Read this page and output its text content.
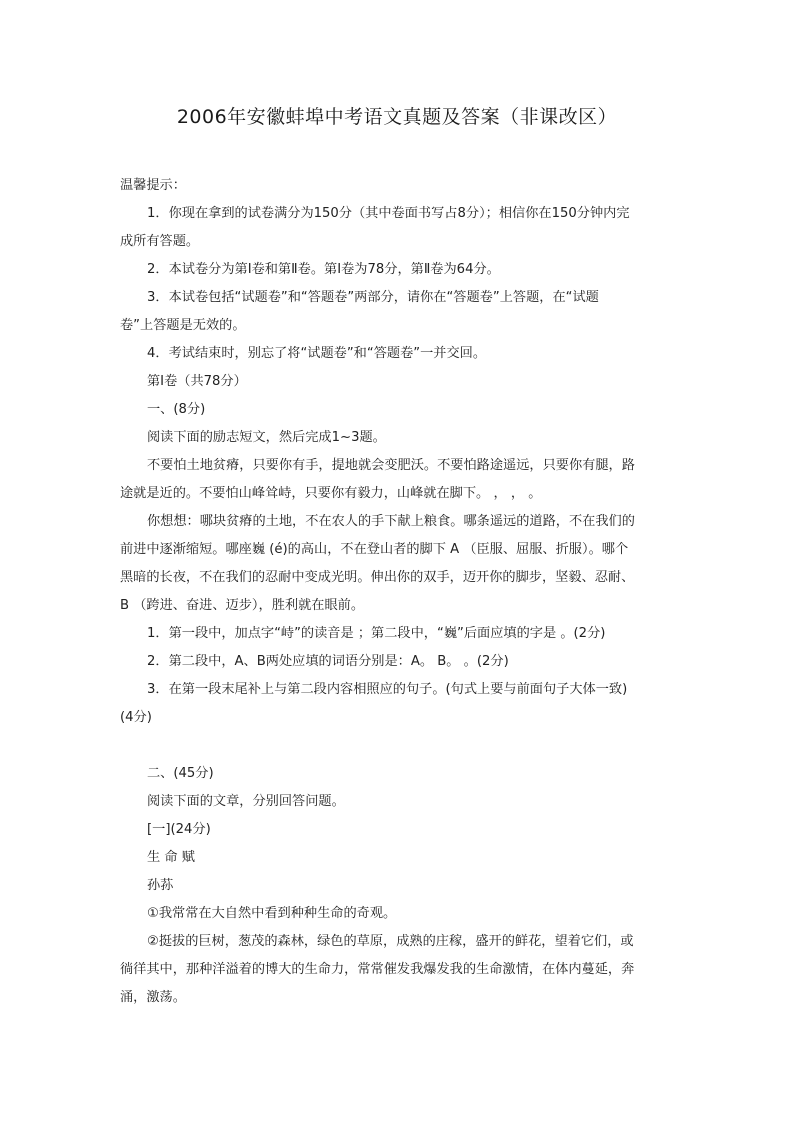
2006年安徽蚌埠中考语文真题及答案（非课改区）
温馨提示：
1．你现在拿到的试卷满分为150分（其中卷面书写占8分）；相信你在150分钟内完
成所有答题。
2．本试卷分为第Ⅰ卷和第Ⅱ卷。第Ⅰ卷为78分，第Ⅱ卷为64分。
3．本试卷包括“试题卷”和“答题卷”两部分，请你在“答题卷”上答题，在“试题
卷”上答题是无效的。
4．考试结束时，别忘了将“试题卷”和“答题卷”一并交回。
第Ⅰ卷（共78分）
一、(8分)
阅读下面的励志短文，然后完成1~3题。
不要怕土地贫瘠，只要你有手，提地就会变肥沃。不要怕路途遥远，只要你有腿，路
途就是近的。不要怕山峰耸峙，只要你有毅力，山峰就在脚下。 ， ， 。
你想想：哪块贫瘠的土地，不在农人的手下献上粮食。哪条遥远的道路，不在我们的
前进中逐渐缩短。哪座巍 (é)的高山，不在登山者的脚下 A （臣服、屈服、折服）。哪个
黑暗的长夜，不在我们的忍耐中变成光明。伸出你的双手，迈开你的脚步，坚毅、忍耐、
B （跨进、奋进、迈步），胜利就在眼前。
1．第一段中，加点字“峙”的读音是 ；第二段中，“巍”后面应填的字是 。(2分)
2．第二段中，A、B两处应填的词语分别是：A。 B。 。(2分)
3．在第一段末尾补上与第二段内容相照应的句子。(句式上要与前面句子大体一致)
(4分)
二、(45分)
阅读下面的文章，分别回答问题。
[一](24分)
生 命 赋
孙荪
①我常常在大自然中看到种种生命的奇观。
②挺拔的巨树，葱茂的森林，绿色的草原，成熟的庄稼，盛开的鲜花，望着它们，或
徜徉其中，那种洋溢着的博大的生命力，常常催发我爆发我的生命激情，在体内蔓延，奔
涌，激荡。
